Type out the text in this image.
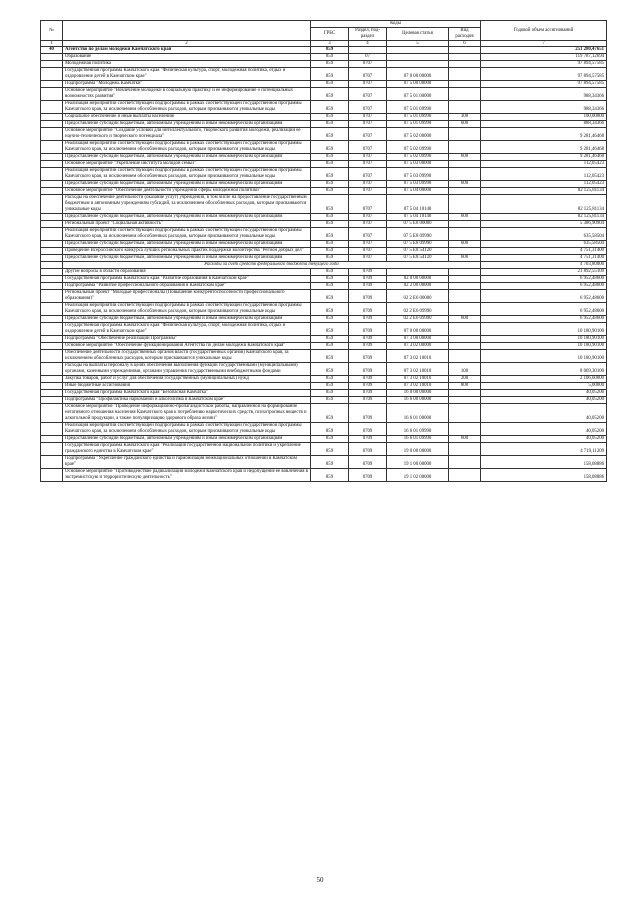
№		Коды				Годовой объем ассигнований
		ГРБС	Раздел, под-раздел	Целевая статья	Вид расходов	
1	2	3	4	5	6	7
40	Агентство по делам молодежи Камчатского края	859				251 280,47651
	Образование	859	07			119 787,12694
	Молодежная политика	859	0707			97 894,57585
	Государственная программа Камчатского края "Физическая культура, спорт, молодежная политика, отдых и оздоровление детей в Камчатском крае"	859	0707	07 0 00 00000		97 894,57585
	Подпрограмма "Молодежь Камчатки"	859	0707	07 5 00 00000		97 894,57585
	Основное мероприятие "Вовлечение молодёжи в социальную практику и её информирование о потенциальных возможностях развития"	859	0707	07 5 01 00000		988,34366
	Реализация мероприятий соответствующей подпрограммы в рамках соответствующей государственной программы Камчатского края, за исключением обособленных расходов, которым присваиваются уникальные коды	859	0707	07 5 01 09990		988,34366
	Социальное обеспечение и иные выплаты населению	859	0707	07 5 01 09990	300	100,00000
	Предоставление субсидий бюджетным, автономным учреждениям и иным некоммерческим организациям	859	0707	07 5 01 09990	600	888,34366
	Основное мероприятие "Создание условий для интеллектуального, творческого развития молодежи, реализации ее научно-технического и творческого потенциала"	859	0707	07 5 02 00000		9 281,46468
	Реализация мероприятий соответствующей подпрограммы в рамках соответствующей государственной программы Камчатского края, за исключением обособленных расходов, которым присваиваются уникальные коды	859	0707	07 5 02 09990		9 281,46468
	Предоставление субсидий бюджетным, автономным учреждениям и иным некоммерческим организациям	859	0707	07 5 02 09990	600	9 281,46468
	Основное мероприятие "Укрепление института молодой семьи"	859	0707	07 5 03 00000		112,05423
	Реализация мероприятий соответствующей подпрограммы в рамках соответствующей государственной программы Камчатского края, за исключением обособленных расходов, которым присваиваются уникальные коды	859	0707	07 5 03 09990		112,05423
	Предоставление субсидий бюджетным, автономным учреждениям и иным некоммерческим организациям	859	0707	07 5 03 09990	600	112,05423
	Основное мероприятие "Обеспечение деятельности учреждений сферы молодежной политики"	859	0707	07 5 04 00000		82 125,81134
	Расходы на обеспечение деятельности (оказание услуг) учреждений, в том числе на предоставление государственным бюджетным и автономным учреждениям субсидий, за исключением обособленных расходов, которым присваиваются уникальные коды	859	0707	07 5 04 10140		82 125,81134
	Предоставление субсидий бюджетным, автономным учреждениям и иным некоммерческим организациям	859	0707	07 5 04 10140	600	82 125,81134
	Региональный проект "Социальная активность"	859	0707	07 5 E8 00000		5 386,90904
	Реализация мероприятий соответствующей подпрограммы в рамках соответствующей государственной программы Камчатского края, за исключением обособленных расходов, которым присваиваются уникальные коды	859	0707	07 5 E8 09990		635,58504
	Предоставление субсидий бюджетным, автономным учреждениям и иным некоммерческим организациям	859	0707	07 5 E8 09990	600	635,58504
	Проведение Всероссийского конкурса лучших региональных практик поддержки волонтерства "Регион добрых дел"	859	0707	07 5 E8 54120		4 751,31400
	Предоставление субсидий бюджетным, автономным учреждениям и иным некоммерческим организациям	859	0707	07 5 E8 54120	600	4 751,31400
	Расходы за счет средств федерального бюджета текущего года					4 703,80000
	Другие вопросы в области образования	859	0709			21 892,55109
	Государственная программа Камчатского края "Развитие образования в Камчатском крае"	859	0709	02 0 00 00000		6 952,48600
	Подпрограмма "Развитие профессионального образования в Камчатском крае"	859	0709	02 2 00 00000		6 952,48600
	Региональный проект "Молодые профессионалы (Повышение конкурентоспособности профессионального образования)"	859	0709	02 2 E6 00000		6 952,48600
	Реализация мероприятий соответствующей подпрограммы в рамках соответствующей государственной программы Камчатского края, за исключением обособленных расходов, которым присваиваются уникальные коды	859	0709	02 2 E6 09990		6 952,48600
	Предоставление субсидий бюджетным, автономным учреждениям и иным некоммерческим организациям	859	0709	02 2 E6 09990	600	6 952,48600
	Государственная программа Камчатского края "Физическая культура, спорт, молодежная политика, отдых и оздоровление детей в Камчатском крае"	859	0709	07 0 00 00000		10 180,90100
	Подпрограмма "Обеспечение реализации Программы"	859	0709	07 3 00 00000		10 180,90100
	Основное мероприятие "Обеспечение функционирования Агентства по делам молодежи Камчатского края"	859	0709	07 3 02 00000		10 180,90100
	Обеспечение деятельности государственных органов власти (государственных органов) Камчатского края, за исключением обособленных расходов, которым присваиваются уникальные коды	859	0709	07 3 02 10010		10 180,90100
	Расходы на выплаты персоналу в целях обеспечения выполнения функций государственными (муниципальными) органами, казенными учреждениями, органами управления государственными внебюджетными фондами	859	0709	07 3 02 10010	100	8 069,30100
	Закупка товаров, работ и услуг для обеспечения государственных (муниципальных) нужд	859	0709	07 3 02 10010	200	2 106,60000
	Иные бюджетные ассигнования	859	0709	07 3 02 10010	800	5,00000
	Государственная программа Камчатского края "Безопасная Камчатка"	859	0709	16 0 00 00000		40,05200
	Подпрограмма "Профилактика наркомании и алкоголизма в Камчатском крае"	859	0709	16 6 00 00000		40,05200
	Основное мероприятие "Проведение информационно-пропагандистской работы, направленной на формирование негативного отношения населения Камчатского края к потреблению наркотических средств, психотропных веществ и алкогольной продукции, а также популяризацию здорового образа жизни"	859	0709	16 6 01 00000		40,05200
	Реализация мероприятий соответствующей подпрограммы в рамках соответствующей государственной программы Камчатского края, за исключением обособленных расходов, которым присваиваются уникальные коды	859	0709	16 6 01 09990		40,05200
	Предоставление субсидий бюджетным, автономным учреждениям и иным некоммерческим организациям	859	0709	16 6 01 09990	600	40,05200
	Государственная программа Камчатского края "Реализация государственной национальной политики и укрепление гражданского единства в Камчатском крае"	859	0709	19 0 00 00000		4 719,11209
	Подпрограмма "Укрепление гражданского единства и гармонизация межнациональных отношений в Камчатском крае"	859	0709	19 1 00 00000		158,08886
	Основное мероприятие "Противодействие радикализации молодежи Камчатского края и недопущение ее вовлечения в экстремистскую и террористическую деятельность"	859	0709	19 1 02 00000		158,08886
50
